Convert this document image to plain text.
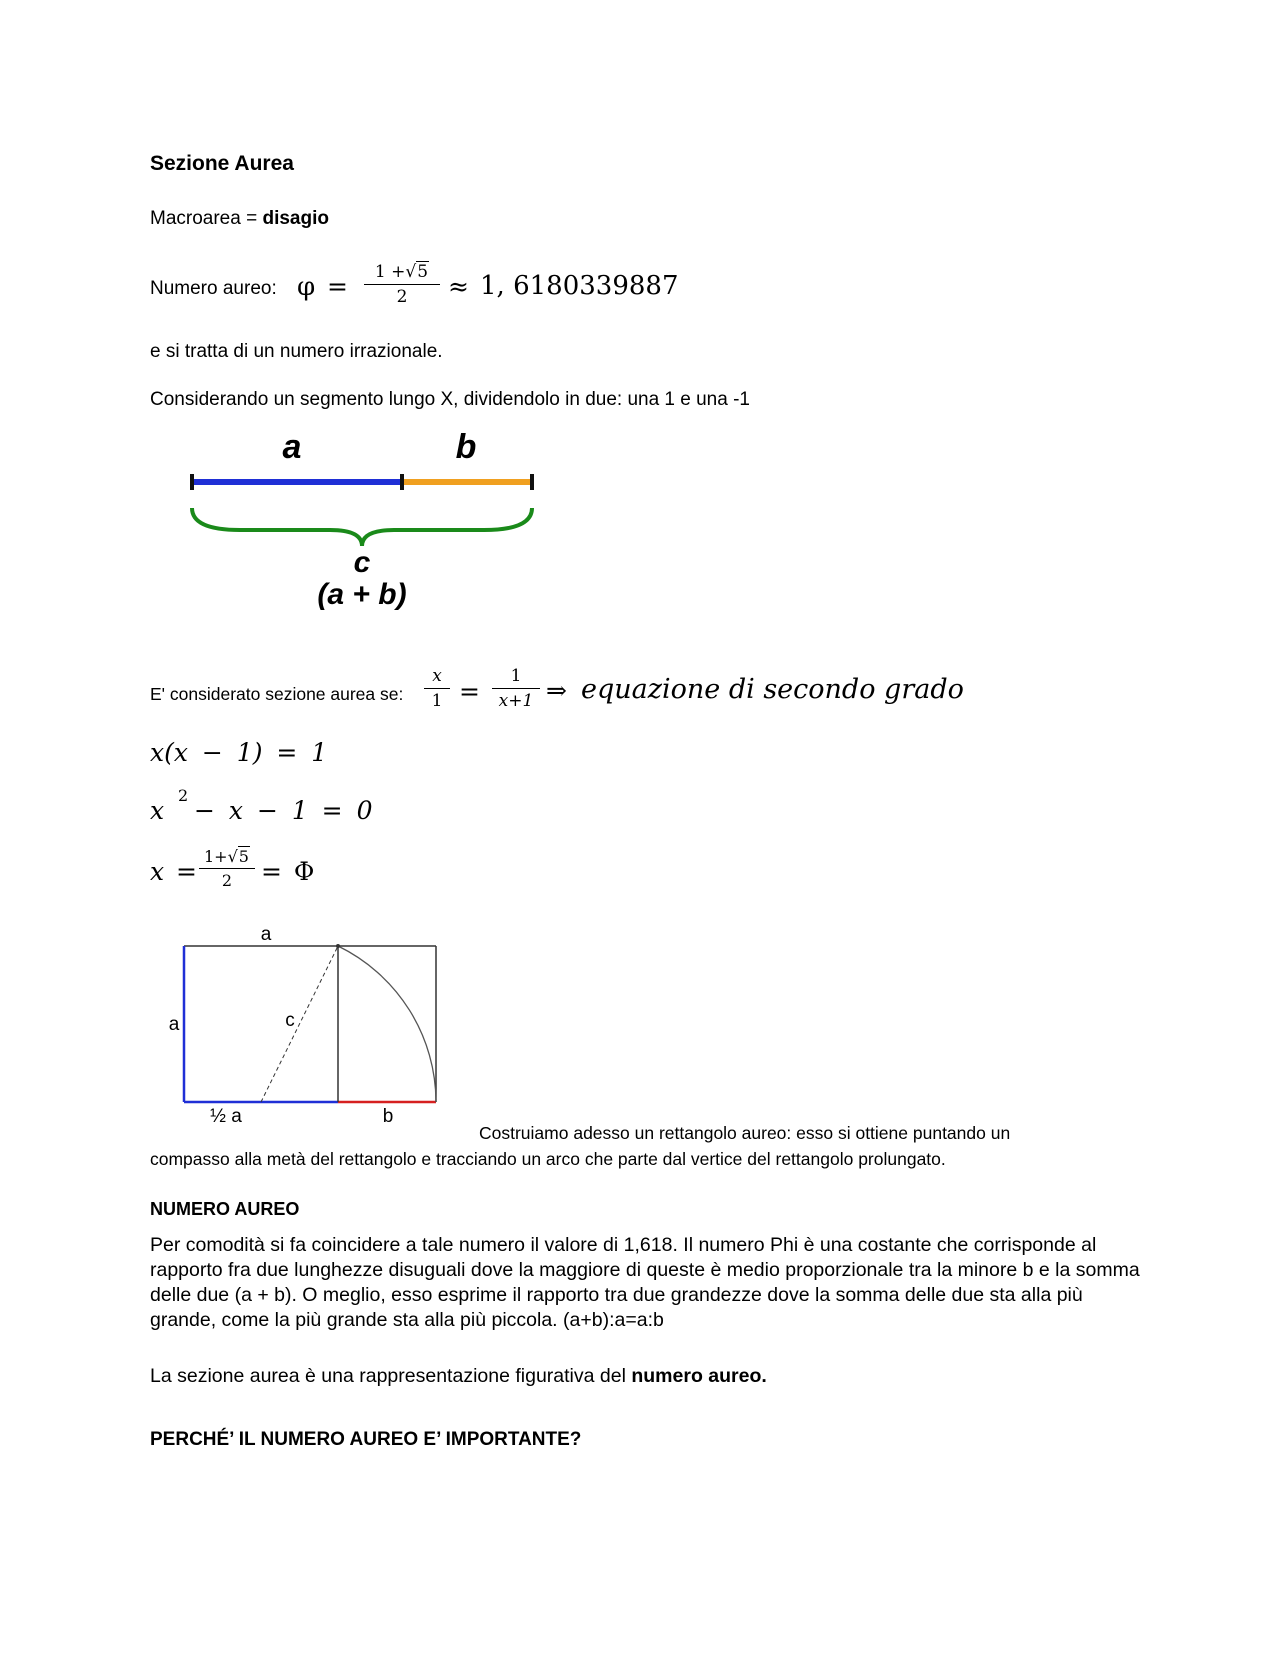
Sezione Aurea
Macroarea = disagio
Numero aureo: φ =	1 +√5
2	≈ 1, 6180339887
e si tratta di un numero irrazionale.
Considerando un segmento lungo X, dividendolo in due: una 1 e una -1
a	b
c
(a + b)
E' considerato sezione aurea se:
x
1 =
1
x+1 ⇒ equazione di secondo grado
x(x − 1) = 1
x
2
− x − 1 = 0
x =
1+√5
2	= Φ
a
a	c
½ a	b
Costruiamo adesso un rettangolo aureo: esso si ottiene puntando un
compasso alla metà del rettangolo e tracciando un arco che parte dal vertice del rettangolo prolungato.
NUMERO AUREO
Per comodità si fa coincidere a tale numero il valore di 1,618. Il numero Phi è una costante che corrisponde al rapporto fra due lunghezze disuguali dove la maggiore di queste è medio proporzionale tra la minore b e la somma delle due (a + b). O meglio, esso esprime il rapporto tra due grandezze dove la somma delle due sta alla più grande, come la più grande sta alla più piccola. (a+b):a=a:b
La sezione aurea è una rappresentazione figurativa del numero aureo.
PERCHÉ’ IL NUMERO AUREO E’ IMPORTANTE?
